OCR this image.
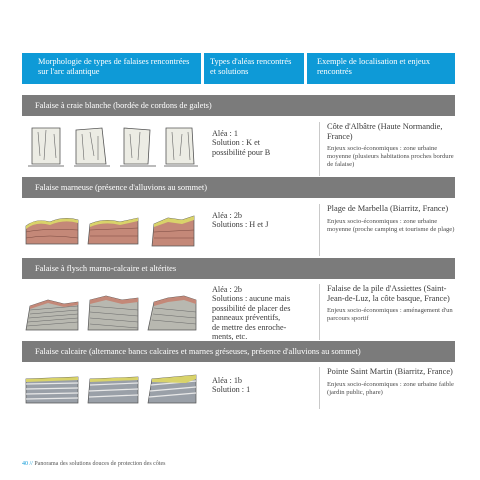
Morphologie de types de falaises rencontrées sur l'arc atlantique
Types d'aléas rencontrés et solutions
Exemple de localisation et enjeux rencontrés
Falaise à craie blanche (bordée de cordons de galets)
Aléa : 1
Solution : K et
possibilité pour B
Côte d'Albâtre (Haute Normandie, France)
Enjeux socio-économiques : zone urbaine moyenne (plusieurs habitations proches bordure de falaise)
Falaise marneuse (présence d'alluvions au sommet)
Aléa : 2b
Solutions : H et J
Plage de Marbella (Biarritz, France)
Enjeux socio-économiques : zone urbaine moyenne (proche camping et tourisme de plage)
Falaise à flysch marno-calcaire et altérites
Aléa : 2b
Solutions : aucune mais
possibilité de placer des
panneaux préventifs,
de mettre des enroche-
ments, etc.
Falaise de la pile d'Assiettes (Saint-Jean-de-Luz, la côte basque, France)
Enjeux socio-économiques : aménagement d'un parcours sportif
Falaise calcaire (alternance bancs calcaires et marnes gréseuses, présence d'alluvions au sommet)
Aléa : 1b
Solution : 1
Pointe Saint Martin (Biarritz, France)
Enjeux socio-économiques : zone urbaine faible (jardin public, phare)
40 // Panorama des solutions douces de protection des côtes
